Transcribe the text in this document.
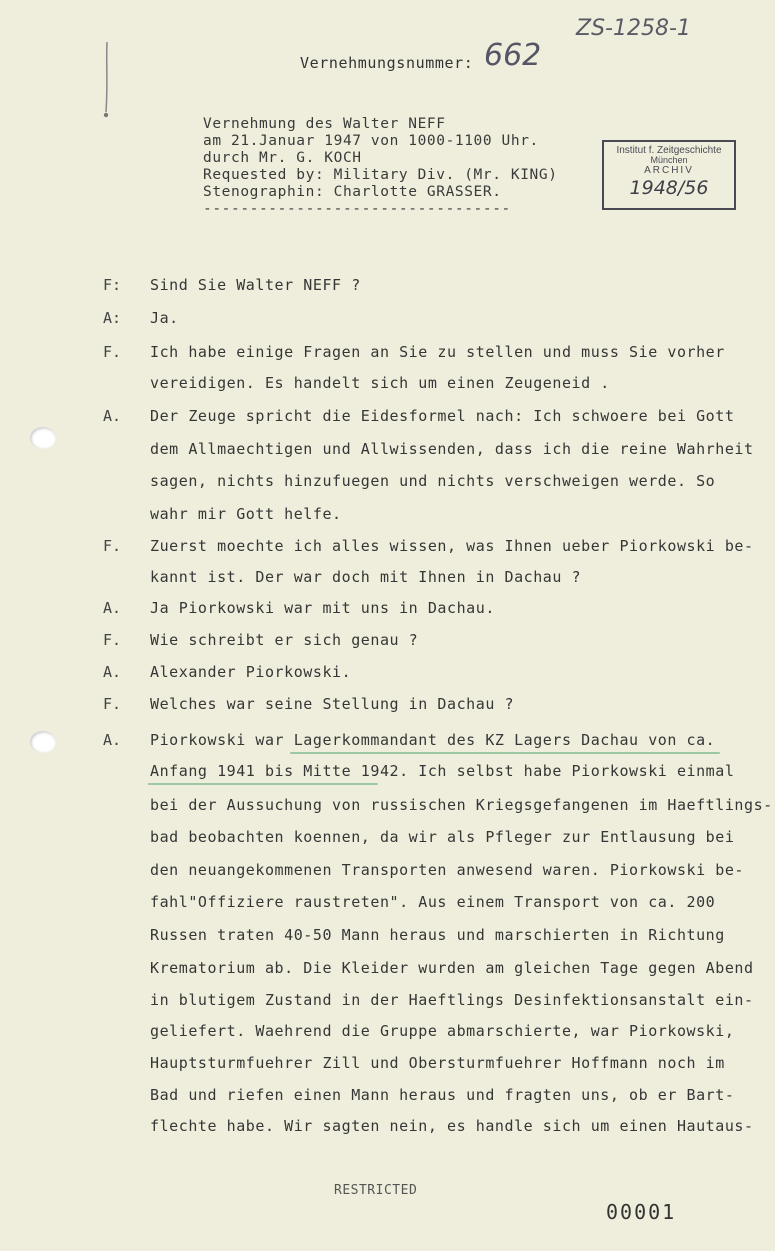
ZS-1258-1
Vernehmungsnummer: 662
Vernehmung des Walter NEFF
am 21.Januar 1947 von 1000-1100 Uhr.
durch Mr. G. KOCH
Requested by: Military Div. (Mr. KING)
Stenographin: Charlotte GRASSER.
---------------------------------
Institut f. Zeitgeschichte
München
ARCHIV
1948/56
F: Sind Sie Walter NEFF ?
A: Ja.
F. Ich habe einige Fragen an Sie zu stellen und muss Sie vorher
vereidigen. Es handelt sich um einen Zeugeneid .
A. Der Zeuge spricht die Eidesformel nach: Ich schwoere bei Gott
dem Allmaechtigen und Allwissenden, dass ich die reine Wahrheit
sagen, nichts hinzufuegen und nichts verschweigen werde. So
wahr mir Gott helfe.
F. Zuerst moechte ich alles wissen, was Ihnen ueber Piorkowski be-
kannt ist. Der war doch mit Ihnen in Dachau ?
A. Ja Piorkowski war mit uns in Dachau.
F. Wie schreibt er sich genau ?
A. Alexander Piorkowski.
F. Welches war seine Stellung in Dachau ?
A. Piorkowski war Lagerkommandant des KZ Lagers Dachau von ca.
Anfang 1941 bis Mitte 1942. Ich selbst habe Piorkowski einmal
bei der Aussuchung von russischen Kriegsgefangenen im Haeftlings-
bad beobachten koennen, da wir als Pfleger zur Entlausung bei
den neuangekommenen Transporten anwesend waren. Piorkowski be-
fahl"Offiziere raustreten". Aus einem Transport von ca. 200
Russen traten 40-50 Mann heraus und marschierten in Richtung
Krematorium ab. Die Kleider wurden am gleichen Tage gegen Abend
in blutigem Zustand in der Haeftlings Desinfektionsanstalt ein-
geliefert. Waehrend die Gruppe abmarschierte, war Piorkowski,
Hauptsturmfuehrer Zill und Obersturmfuehrer Hoffmann noch im
Bad und riefen einen Mann heraus und fragten uns, ob er Bart-
flechte habe. Wir sagten nein, es handle sich um einen Hautaus-
RESTRICTED
00001
